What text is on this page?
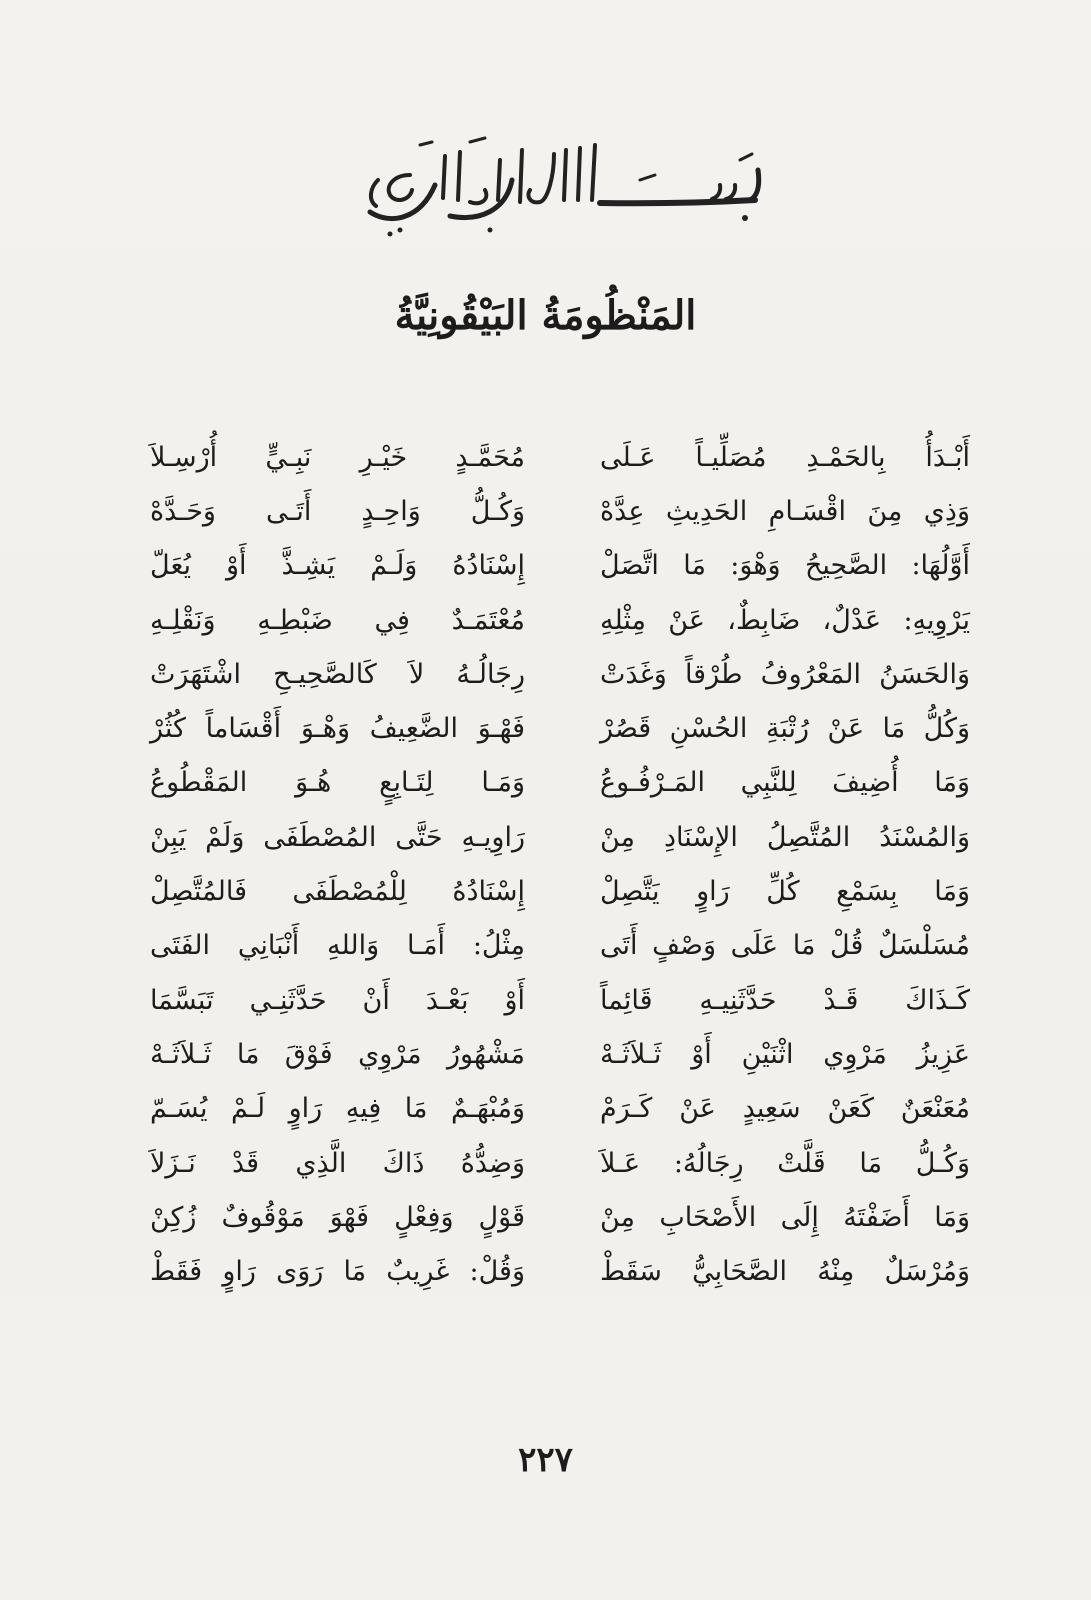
المَنْظُومَةُ البَيْقُونِيَّةُ
أَبْـدَأُ بِالحَمْـدِ مُصَلِّيـاً عَـلَى
مُحَمَّـدٍ خَيْـرِ نَبِـيٍّ أُرْسِـلاَ
وَذِي مِنَ اقْسَـامِ الحَدِيثِ عِدَّهْ
وَكُـلُّ وَاحِـدٍ أَتَـى وَحَـدَّهْ
أَوَّلُهَا: الصَّحِيحُ وَهْوَ: مَا اتَّصَلْ
إِسْنَادُهُ وَلَـمْ يَشِـذَّ أَوْ يُعَلّ
يَرْوِيهِ: عَدْلٌ، ضَابِطٌ، عَنْ مِثْلِهِ
مُعْتَمَـدٌ فِي ضَبْطِـهِ وَنَقْلِـهِ
وَالحَسَنُ المَعْرُوفُ طُرْقاً وَغَدَتْ
رِجَالُـهُ لاَ كَالصَّحِيـحِ اشْتَهَرَتْ
وَكُلُّ مَا عَنْ رُتْبَةِ الحُسْنِ قَصُرْ
فَهْـوَ الضَّعِيفُ وَهْـوَ أَقْسَاماً كُثُرْ
وَمَا أُضِيفَ لِلنَّبِي المَـرْفُـوعُ
وَمَـا لِتَـابِعٍ هُـوَ المَقْطُوعُ
وَالمُسْنَدُ المُتَّصِلُ الإِسْنَادِ مِنْ
رَاوِيـهِ حَتَّى المُصْطَفَى وَلَمْ يَبِنْ
وَمَا بِسَمْعِ كُلِّ رَاوٍ يَتَّصِلْ
إِسْنَادُهُ لِلْمُصْطَفَى فَالمُتَّصِلْ
مُسَلْسَلٌ قُلْ مَا عَلَى وَصْفٍ أَتَى
مِثْلُ: أَمَـا وَاللهِ أَنْبَانِي الفَتَى
كَـذَاكَ قَـدْ حَدَّثَنِيـهِ قَائِماً
أَوْ بَعْـدَ أَنْ حَدَّثَنِـي تَبَسَّمَا
عَزِيزُ مَرْوِي اثْنَيْنِ أَوْ ثَـلاَثَـهْ
مَشْهُورُ مَرْوِي فَوْقَ مَا ثَـلاَثَـهْ
مُعَنْعَنٌ كَعَنْ سَعِيدٍ عَنْ كَـرَمْ
وَمُبْهَـمٌ مَا فِيهِ رَاوٍ لَـمْ يُسَـمّ
وَكُـلُّ مَا قَلَّتْ رِجَالُهُ: عَـلاَ
وَضِدُّهُ ذَاكَ الَّذِي قَدْ نَـزَلاَ
وَمَا أَضَفْتَهُ إِلَى الأَصْحَابِ مِنْ
قَوْلٍ وَفِعْلٍ فَهْوَ مَوْقُوفٌ زُكِنْ
وَمُرْسَلٌ مِنْهُ الصَّحَابِيُّ سَقَطْ
وَقُلْ: غَرِيبٌ مَا رَوَى رَاوٍ فَقَطْ
٢٢٧
